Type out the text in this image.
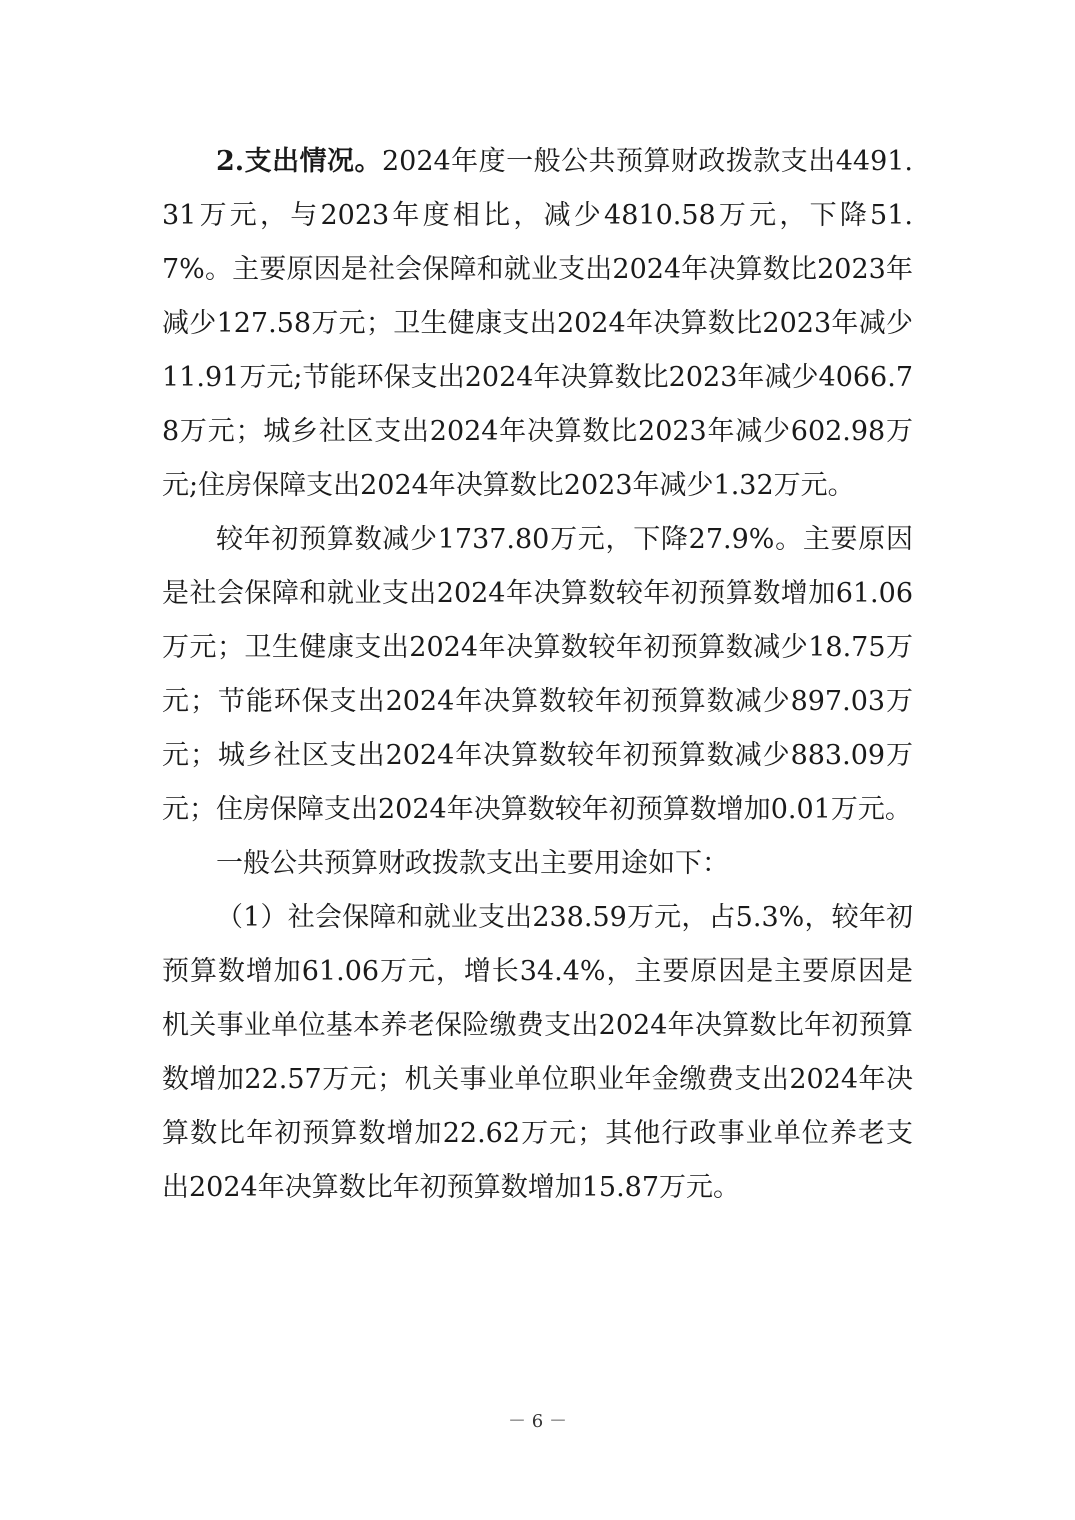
2.支出情况。2024年度一般公共预算财政拨款支出4491.31万元，与2023年度相比，减少4810.58万元，下降51.7%。主要原因是社会保障和就业支出2024年决算数比2023年减少127.58万元；卫生健康支出2024年决算数比2023年减少11.91万元;节能环保支出2024年决算数比2023年减少4066.78万元；城乡社区支出2024年决算数比2023年减少602.98万元;住房保障支出2024年决算数比2023年减少1.32万元。

较年初预算数减少1737.80万元，下降27.9%。主要原因是社会保障和就业支出2024年决算数较年初预算数增加61.06万元；卫生健康支出2024年决算数较年初预算数减少18.75万元；节能环保支出2024年决算数较年初预算数减少897.03万元；城乡社区支出2024年决算数较年初预算数减少883.09万元；住房保障支出2024年决算数较年初预算数增加0.01万元。

一般公共预算财政拨款支出主要用途如下：

（1）社会保障和就业支出238.59万元，占5.3%，较年初预算数增加61.06万元，增长34.4%，主要原因是主要原因是机关事业单位基本养老保险缴费支出2024年决算数比年初预算数增加22.57万元；机关事业单位职业年金缴费支出2024年决算数比年初预算数增加22.62万元；其他行政事业单位养老支出2024年决算数比年初预算数增加15.87万元。

－ 6 －
